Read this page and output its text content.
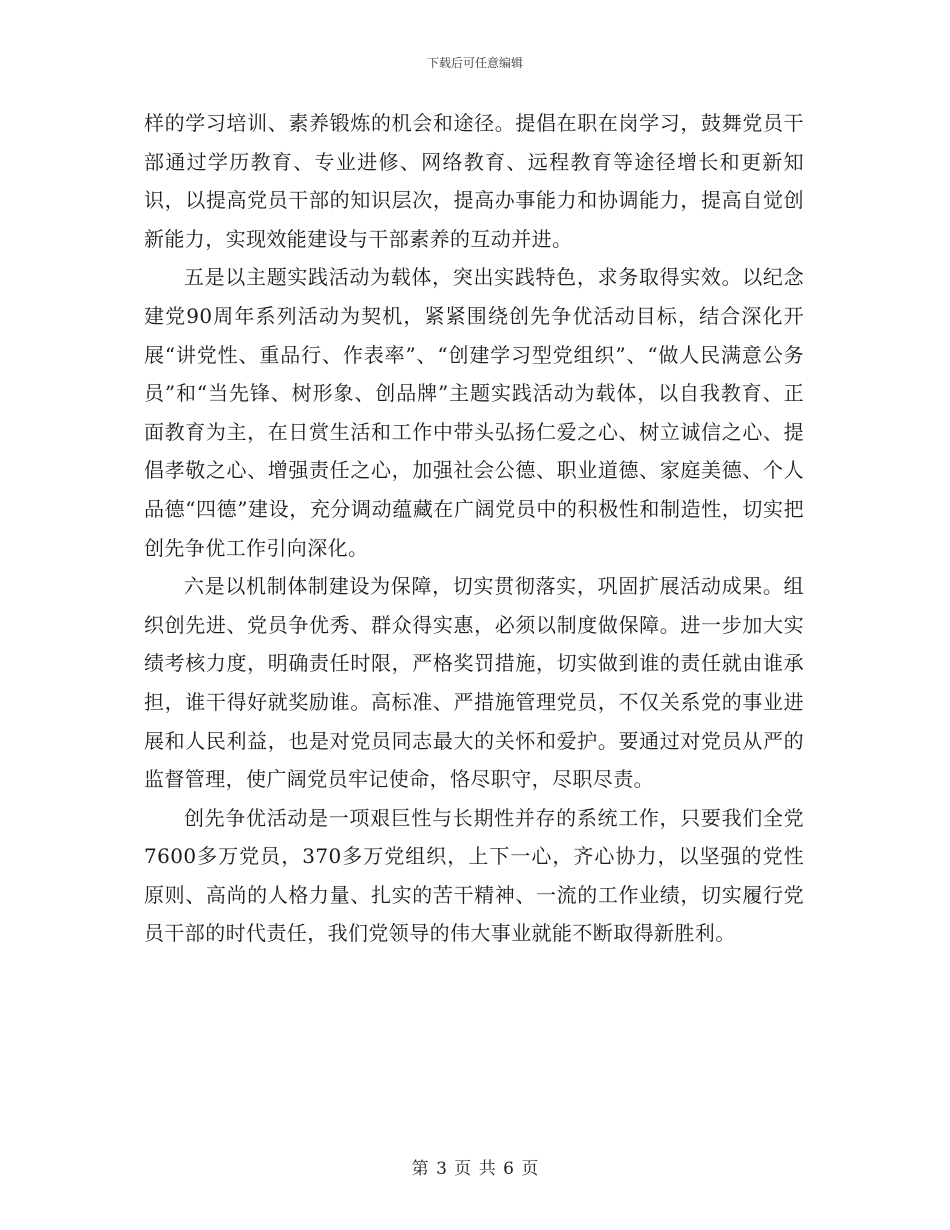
下载后可任意编辑

样的学习培训、素养锻炼的机会和途径。提倡在职在岗学习，鼓舞党员干部通过学历教育、专业进修、网络教育、远程教育等途径增长和更新知识，以提高党员干部的知识层次，提高办事能力和协调能力，提高自觉创新能力，实现效能建设与干部素养的互动并进。

五是以主题实践活动为载体，突出实践特色，求务取得实效。以纪念建党90周年系列活动为契机，紧紧围绕创先争优活动目标，结合深化开展“讲党性、重品行、作表率”、“创建学习型党组织”、“做人民满意公务员”和“当先锋、树形象、创品牌”主题实践活动为载体，以自我教育、正面教育为主，在日赏生活和工作中带头弘扬仁爱之心、树立诚信之心、提倡孝敬之心、增强责任之心，加强社会公德、职业道德、家庭美德、个人品德“四德”建设，充分调动蕴藏在广阔党员中的积极性和制造性，切实把创先争优工作引向深化。

六是以机制体制建设为保障，切实贯彻落实，巩固扩展活动成果。组织创先进、党员争优秀、群众得实惠，必须以制度做保障。进一步加大实绩考核力度，明确责任时限，严格奖罚措施，切实做到谁的责任就由谁承担，谁干得好就奖励谁。高标准、严措施管理党员，不仅关系党的事业进展和人民利益，也是对党员同志最大的关怀和爱护。要通过对党员从严的监督管理，使广阔党员牢记使命，恪尽职守，尽职尽责。

创先争优活动是一项艰巨性与长期性并存的系统工作，只要我们全党7600多万党员，370多万党组织，上下一心，齐心协力，以坚强的党性原则、高尚的人格力量、扎实的苦干精神、一流的工作业绩，切实履行党员干部的时代责任，我们党领导的伟大事业就能不断取得新胜利。

第 3 页 共 6 页
